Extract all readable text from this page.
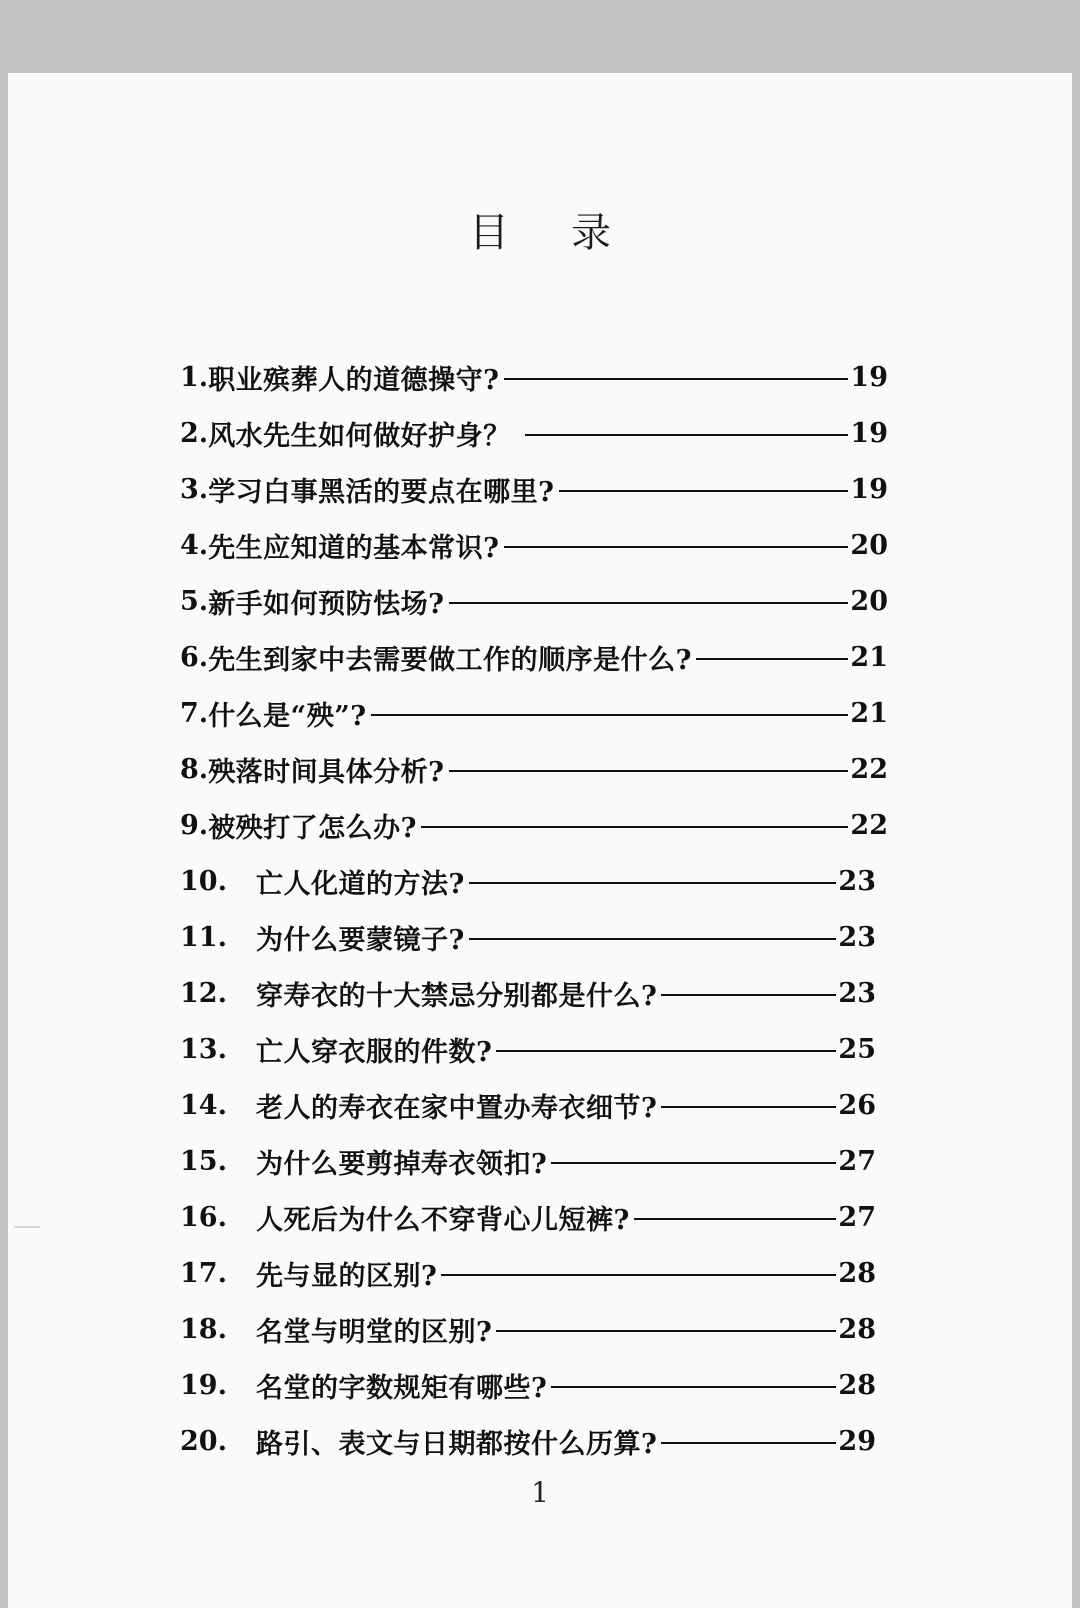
目录
1. 职业殡葬人的道德操守?	19
2. 风水先生如何做好护身？	19
3. 学习白事黑活的要点在哪里?	19
4. 先生应知道的基本常识?	20
5. 新手如何预防怯场?	20
6. 先生到家中去需要做工作的顺序是什么?	21
7. 什么是“殃”?	21
8. 殃落时间具体分析?	22
9. 被殃打了怎么办?	22
10.	亡人化道的方法?	23
11.	为什么要蒙镜子?	23
12.	穿寿衣的十大禁忌分别都是什么?	23
13.	亡人穿衣服的件数?	25
14.	老人的寿衣在家中置办寿衣细节?	26
15.	为什么要剪掉寿衣领扣?	27
16.	人死后为什么不穿背心儿短裤?	27
17.	先与显的区别?	28
18.	名堂与明堂的区别?	28
19.	名堂的字数规矩有哪些?	28
20.	路引、表文与日期都按什么历算?	29
1
